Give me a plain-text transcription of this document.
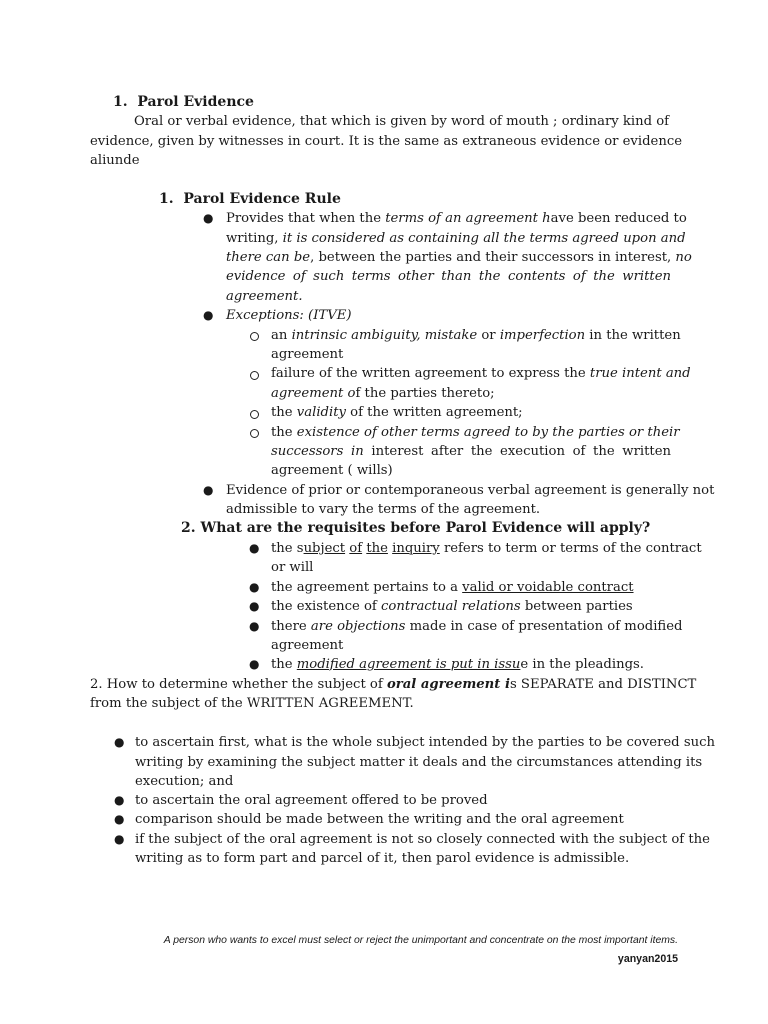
1. Parol Evidence
Oral or verbal evidence, that which is given by word of mouth ; ordinary kind of
evidence, given by witnesses in court. It is the same as extraneous evidence or evidence
aliunde
1. Parol Evidence Rule
● Provides that when the terms of an agreement have been reduced to
writing, it is considered as containing all the terms agreed upon and
there can be, between the parties and their successors in interest, no
evidence of such terms other than the contents of the written
agreement.
● Exceptions: (ITVE)
an intrinsic ambiguity, mistake or imperfection in the written
agreement
failure of the written agreement to express the true intent and
agreement of the parties thereto;
the validity of the written agreement;
the existence of other terms agreed to by the parties or their
successors in interest after the execution of the written
agreement ( wills)
● Evidence of prior or contemporaneous verbal agreement is generally not
admissible to vary the terms of the agreement.
2. What are the requisites before Parol Evidence will apply?
● the subject of the inquiry refers to term or terms of the contract
or will
● the agreement pertains to a valid or voidable contract
● the existence of contractual relations between parties
● there are objections made in case of presentation of modified
agreement
● the modified agreement is put in issue in the pleadings.
2. How to determine whether the subject of oral agreement is SEPARATE and DISTINCT
from the subject of the WRITTEN AGREEMENT.
● to ascertain first, what is the whole subject intended by the parties to be covered such
writing by examining the subject matter it deals and the circumstances attending its
execution; and
● to ascertain the oral agreement offered to be proved
● comparison should be made between the writing and the oral agreement
● if the subject of the oral agreement is not so closely connected with the subject of the
writing as to form part and parcel of it, then parol evidence is admissible.
A person who wants to excel must select or reject the unimportant and concentrate on the most important items.
yanyan2015
